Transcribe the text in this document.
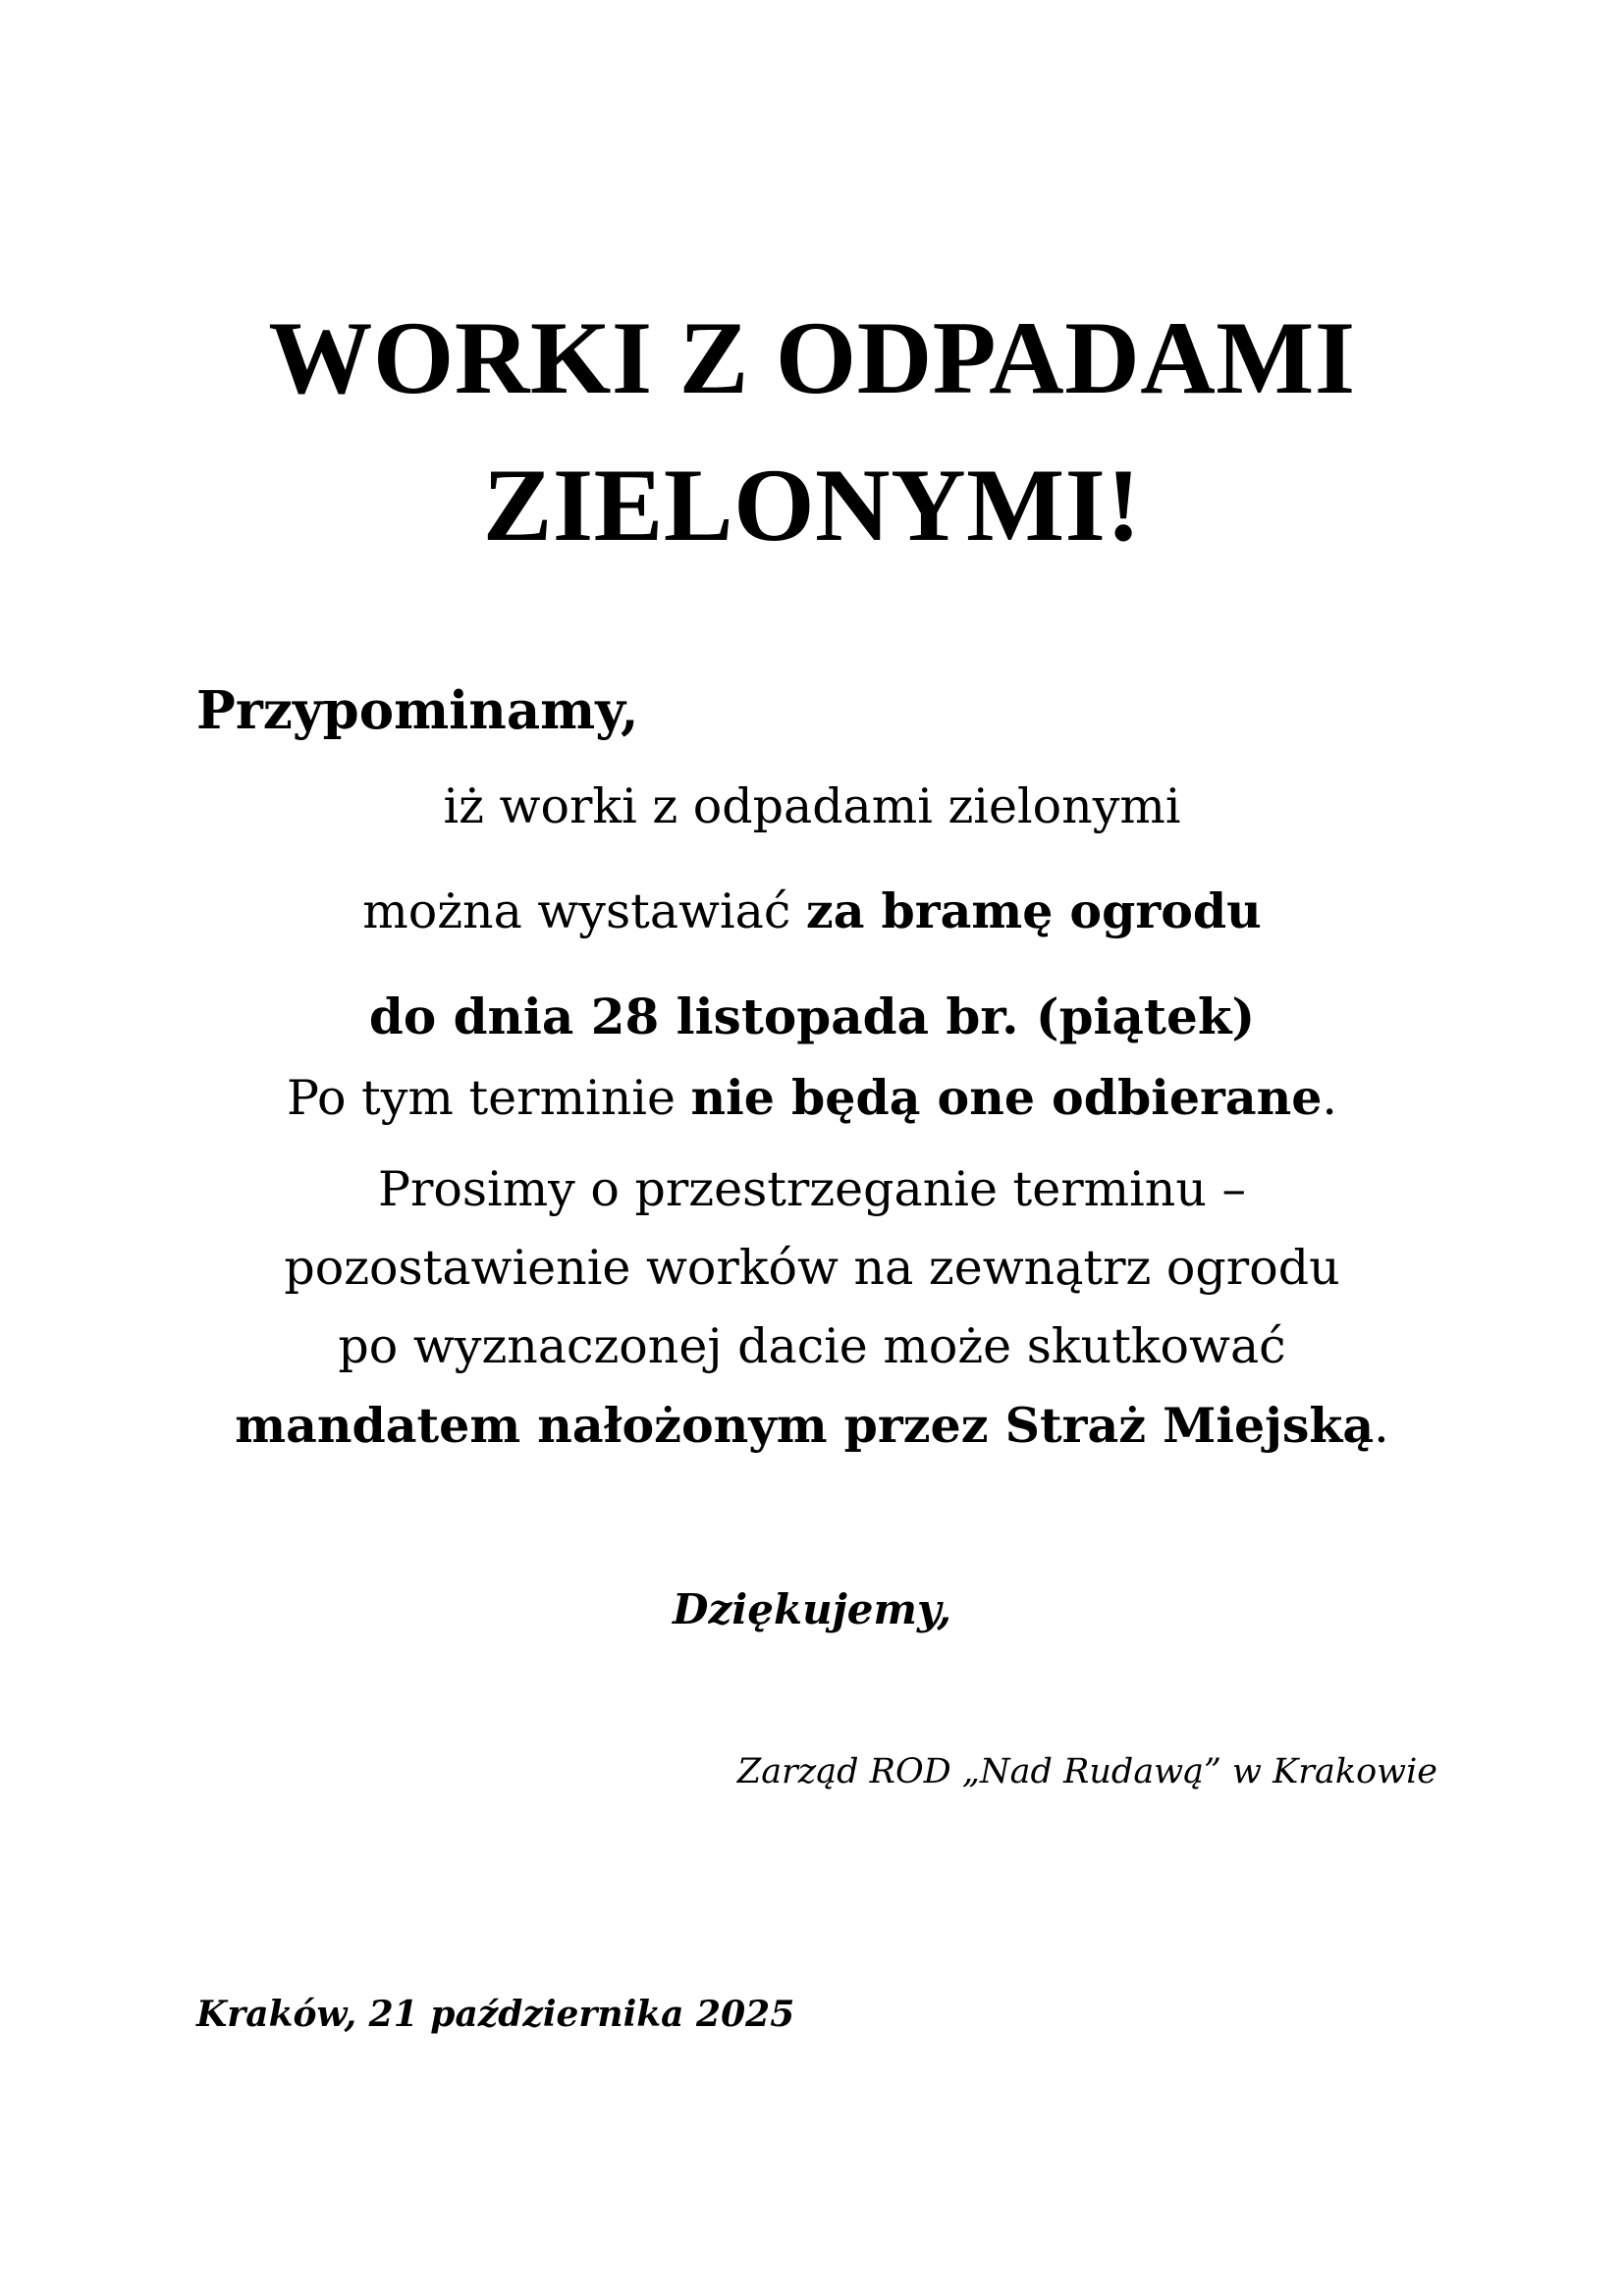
WORKI Z ODPADAMI
ZIELONYMI!
Przypominamy,
iż worki z odpadami zielonymi
można wystawiać za bramę ogrodu
do dnia 28 listopada br. (piątek)
Po tym terminie nie będą one odbierane.
Prosimy o przestrzeganie terminu –
pozostawienie worków na zewnątrz ogrodu
po wyznaczonej dacie może skutkować
mandatem nałożonym przez Straż Miejską.
Dziękujemy,
Zarząd ROD „Nad Rudawą” w Krakowie
Kraków, 21 października 2025
